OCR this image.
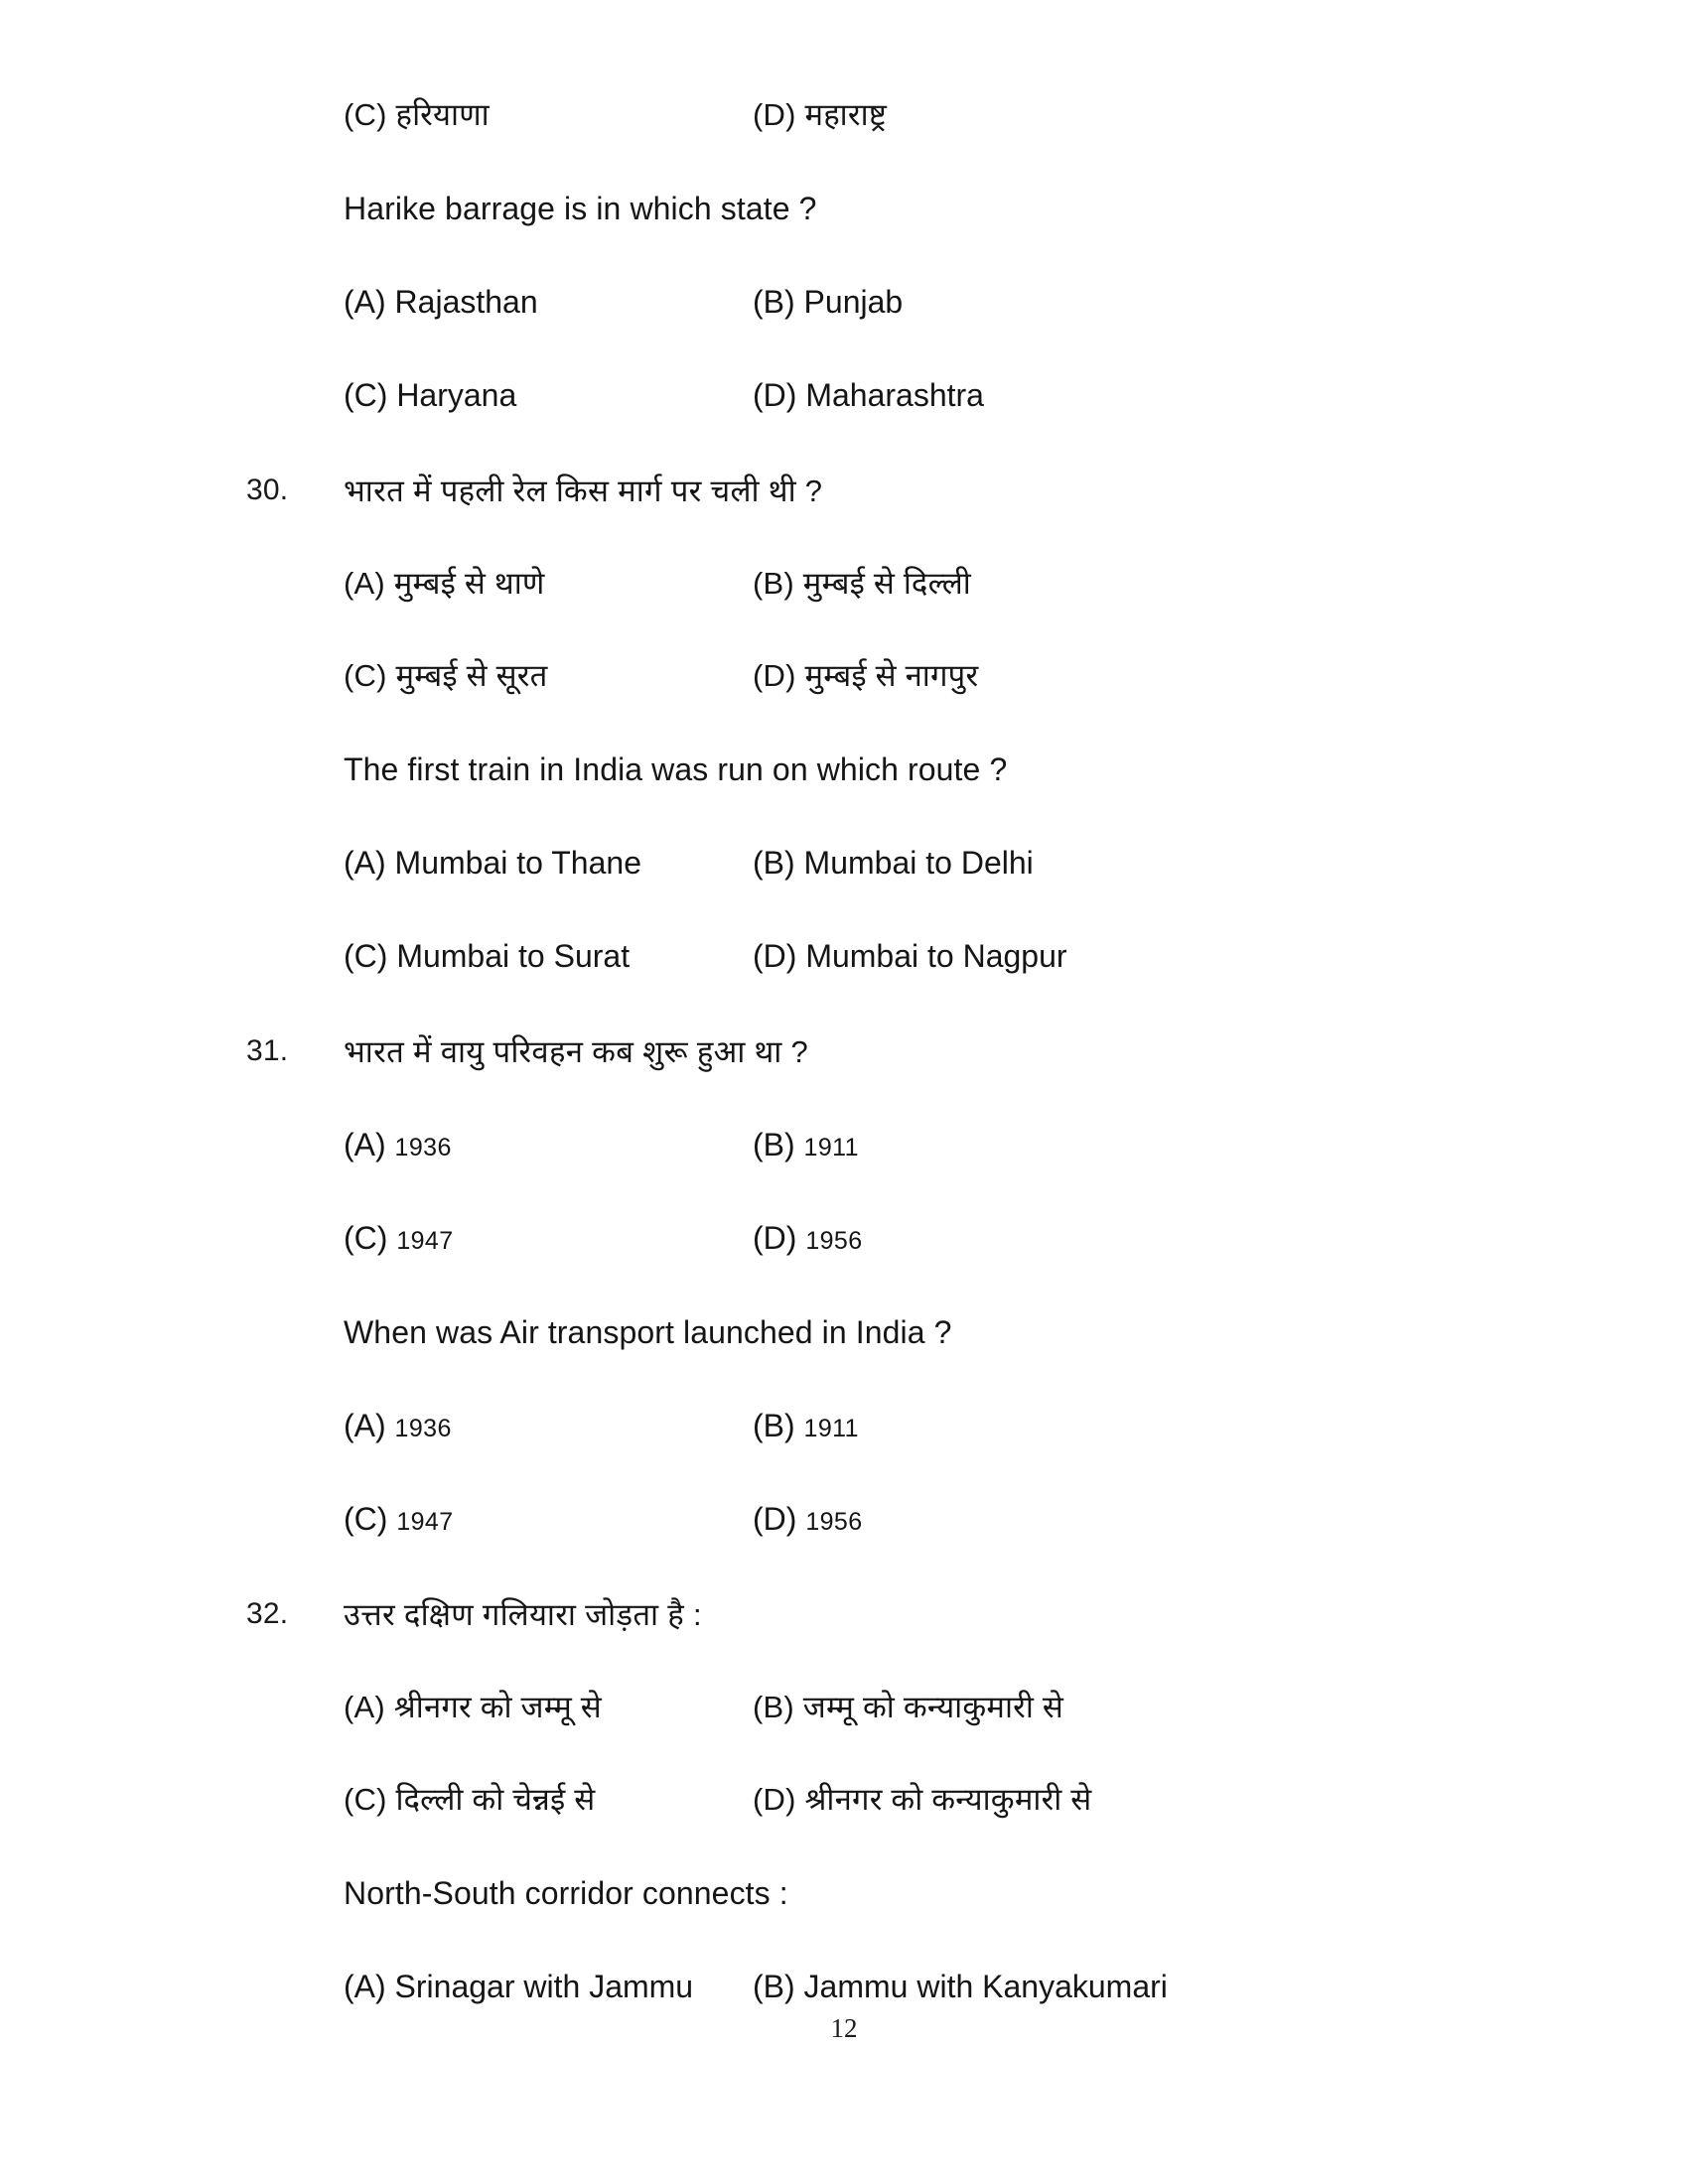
(C) हरियाणा	(D) महाराष्ट्र
Harike barrage is in which state ?
(A) Rajasthan	(B) Punjab
(C) Haryana	(D) Maharashtra
30.	भारत में पहली रेल किस मार्ग पर चली थी ?
(A) मुम्बई से थाणे	(B) मुम्बई से दिल्ली
(C) मुम्बई से सूरत	(D) मुम्बई से नागपुर
The first train in India was run on which route ?
(A) Mumbai to Thane	(B) Mumbai to Delhi
(C) Mumbai to Surat	(D) Mumbai to Nagpur
31.	भारत में वायु परिवहन कब शुरू हुआ था ?
(A) 1936	(B) 1911
(C) 1947	(D) 1956
When was Air transport launched in India ?
(A) 1936	(B) 1911
(C) 1947	(D) 1956
32.	उत्तर दक्षिण गलियारा जोड़ता है :
(A) श्रीनगर को जम्मू से	(B) जम्मू को कन्याकुमारी से
(C) दिल्ली को चेन्नई से	(D) श्रीनगर को कन्याकुमारी से
North-South corridor connects :
(A) Srinagar with Jammu	(B) Jammu with Kanyakumari
12
